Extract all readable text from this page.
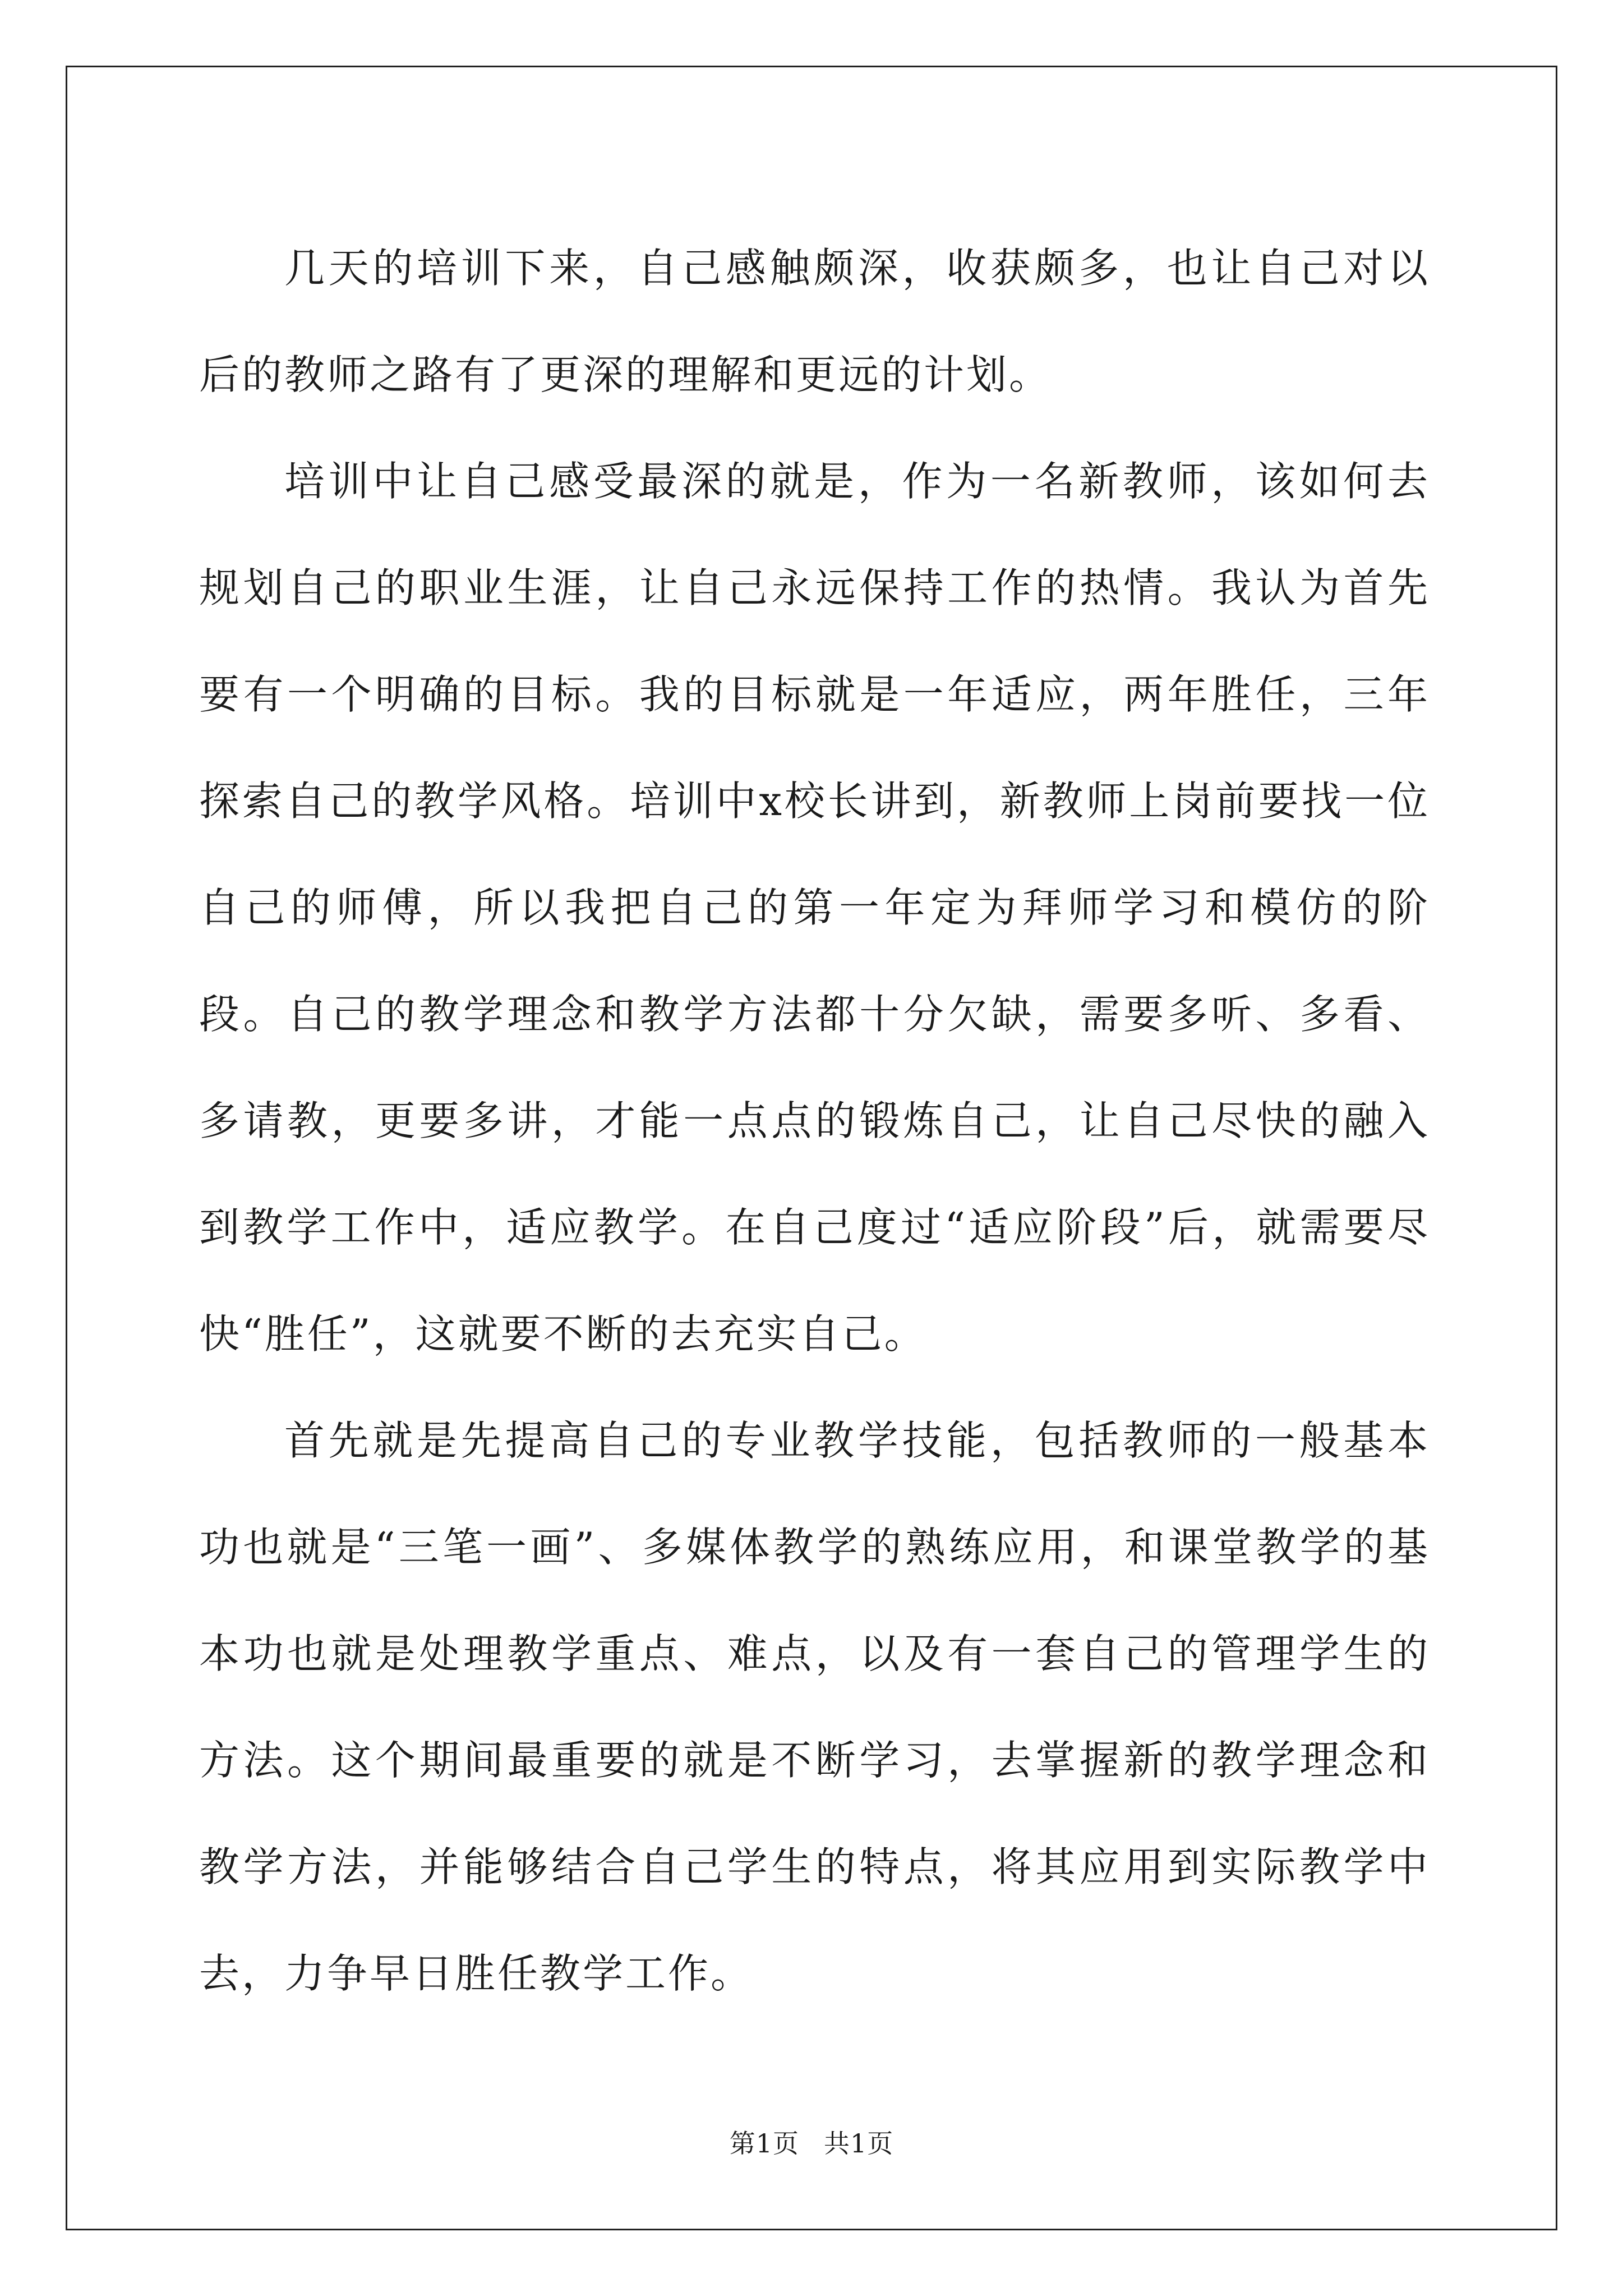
几天的培训下来，自己感触颇深，收获颇多，也让自己对以后的教师之路有了更深的理解和更远的计划。

培训中让自己感受最深的就是，作为一名新教师，该如何去规划自己的职业生涯，让自己永远保持工作的热情。我认为首先要有一个明确的目标。我的目标就是一年适应，两年胜任，三年探索自己的教学风格。培训中x校长讲到，新教师上岗前要找一位自己的师傅，所以我把自己的第一年定为拜师学习和模仿的阶段。自己的教学理念和教学方法都十分欠缺，需要多听、多看、多请教，更要多讲，才能一点点的锻炼自己，让自己尽快的融入到教学工作中，适应教学。在自己度过“适应阶段”后，就需要尽快“胜任”，这就要不断的去充实自己。

首先就是先提高自己的专业教学技能，包括教师的一般基本功也就是“三笔一画”、多媒体教学的熟练应用，和课堂教学的基本功也就是处理教学重点、难点，以及有一套自己的管理学生的方法。这个期间最重要的就是不断学习，去掌握新的教学理念和教学方法，并能够结合自己学生的特点，将其应用到实际教学中去，力争早日胜任教学工作。

第1页 共1页
